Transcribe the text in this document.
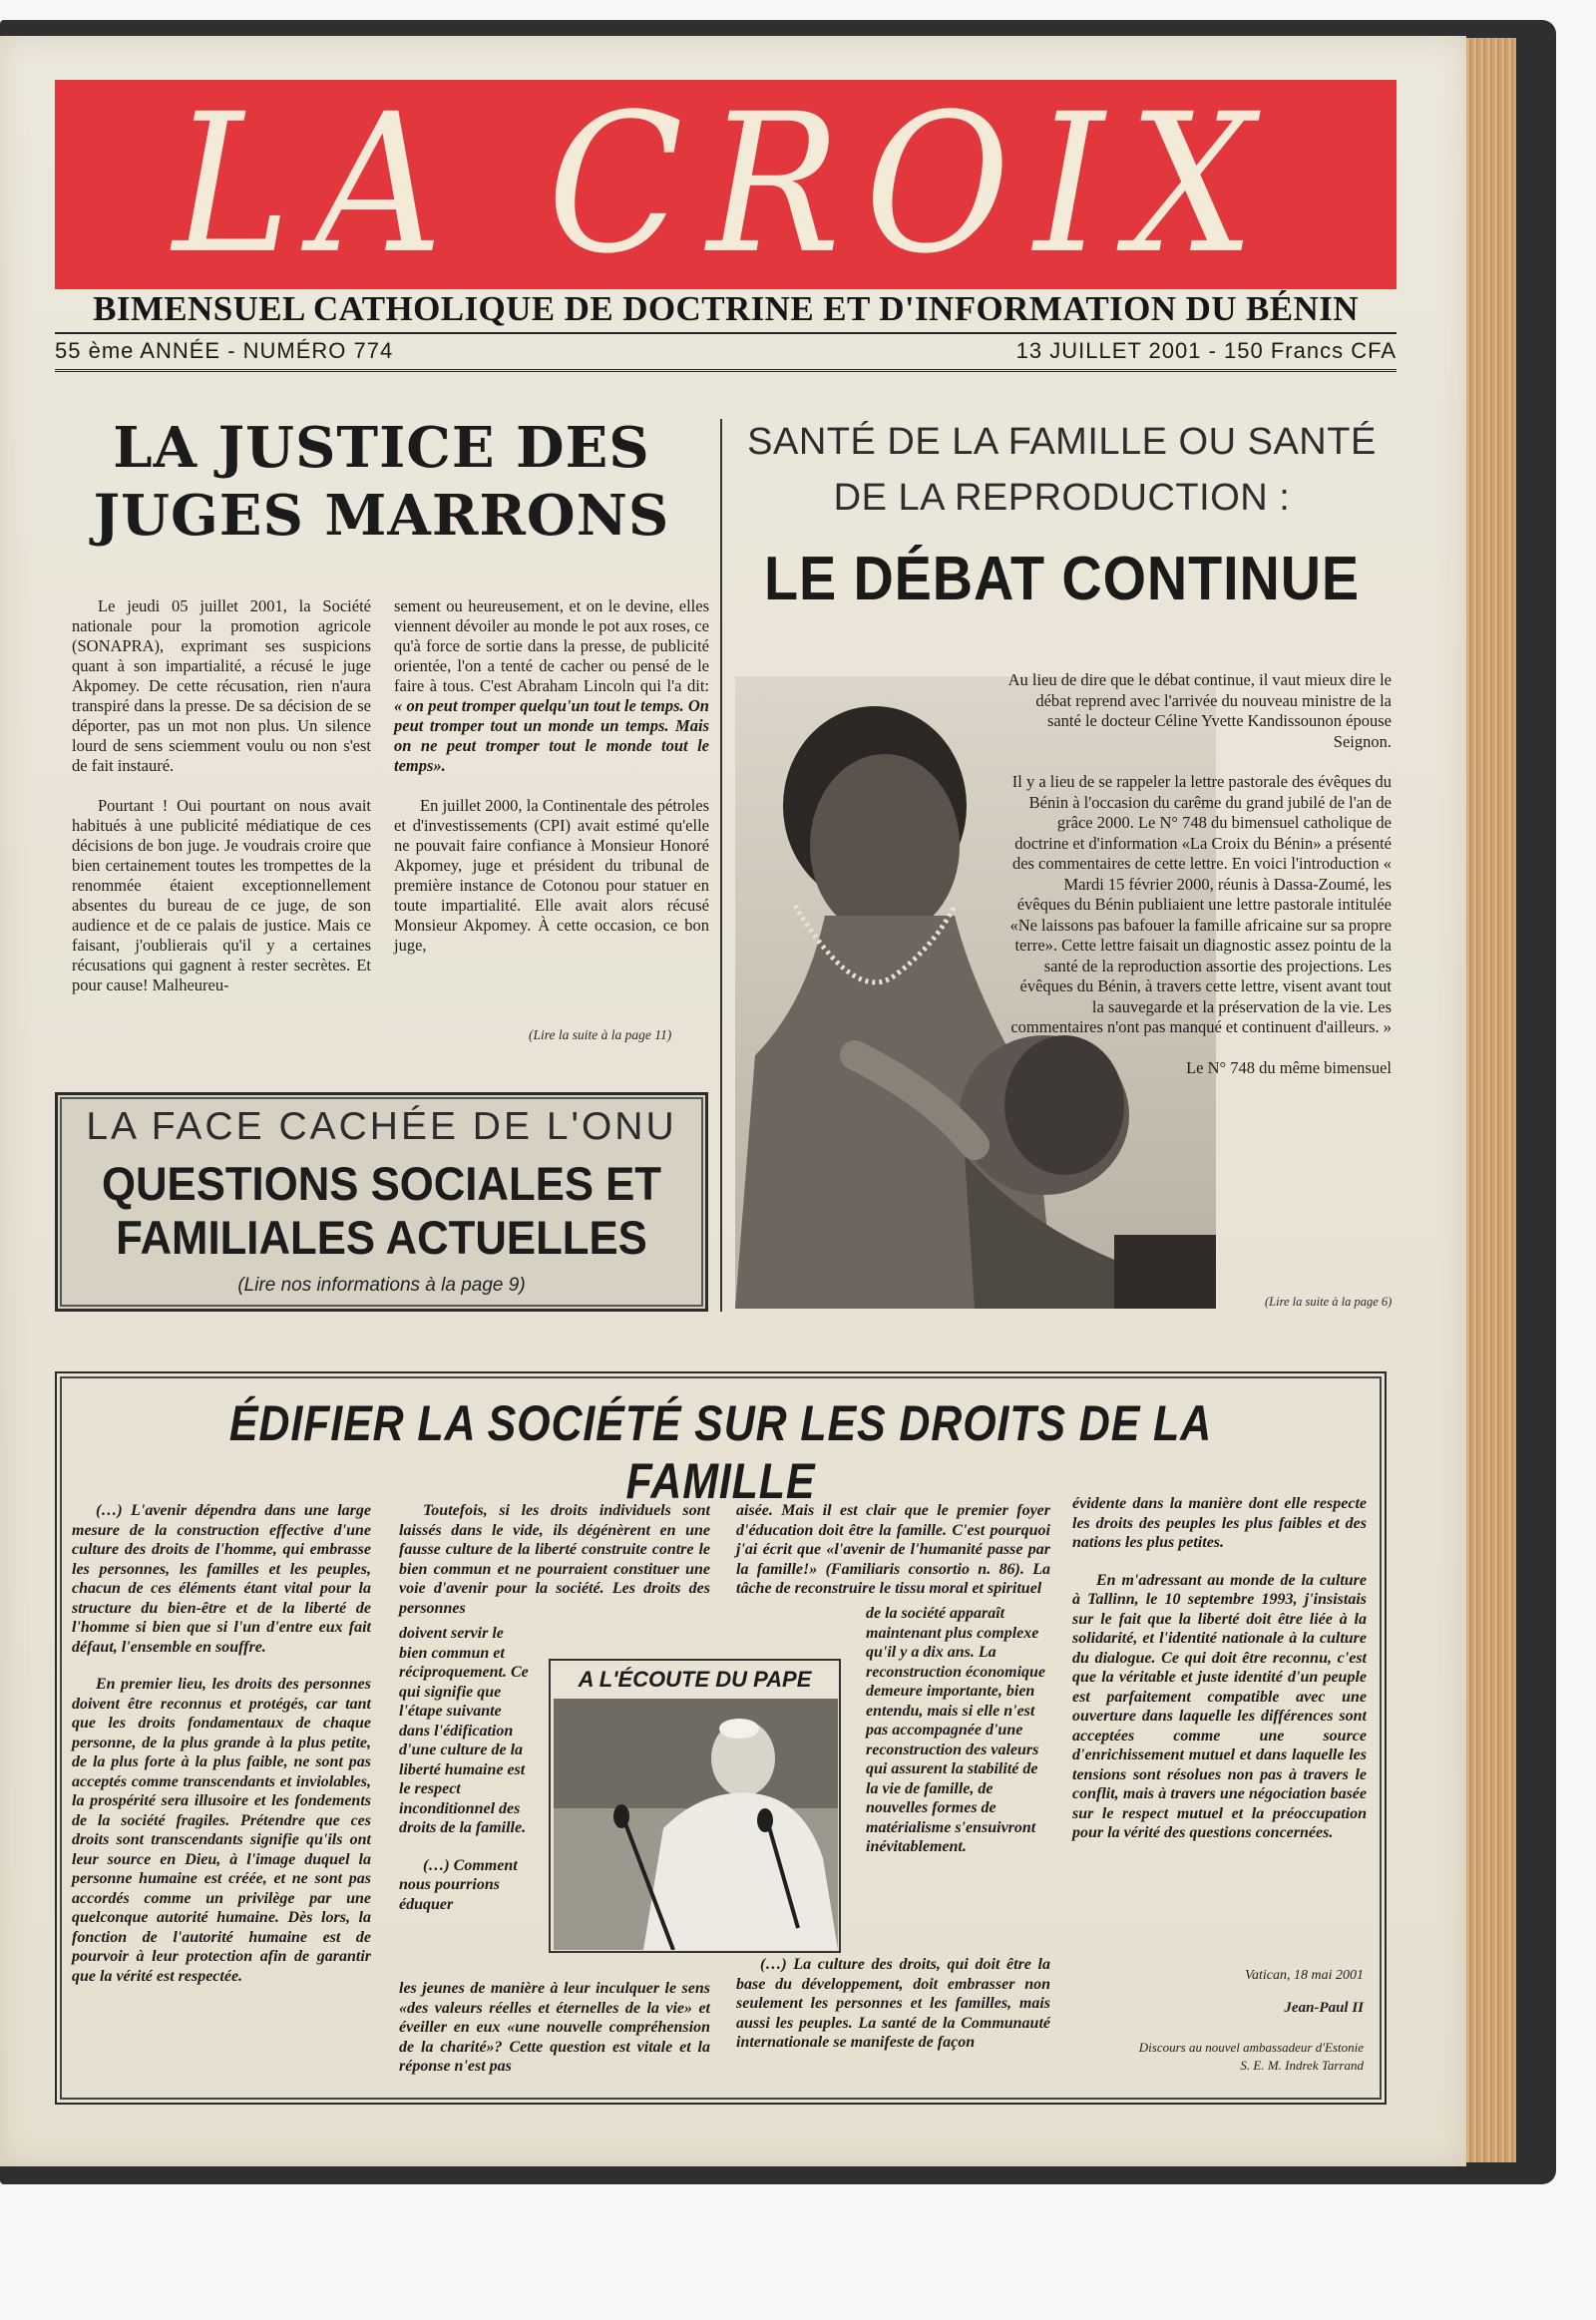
LA CROIX
BIMENSUEL CATHOLIQUE DE DOCTRINE ET D'INFORMATION DU BÉNIN
55 ème ANNÉE - NUMÉRO 774	13 JUILLET 2001 - 150 Francs CFA
LA JUSTICE DES JUGES MARRONS

Le jeudi 05 juillet 2001, la Société nationale pour la promotion agricole (SONAPRA), exprimant ses suspicions quant à son impartialité, a récusé le juge Akpomey. De cette récusation, rien n'aura transpiré dans la presse. De sa décision de se déporter, pas un mot non plus. Un silence lourd de sens sciemment voulu ou non s'est de fait instauré.

Pourtant ! Oui pourtant on nous avait habitués à une publicité médiatique de ces décisions de bon juge. Je voudrais croire que bien certainement toutes les trompettes de la renommée étaient exceptionnellement absentes du bureau de ce juge, de son audience et de ce palais de justice. Mais ce faisant, j'oublierais qu'il y a certaines récusations qui gagnent à rester secrètes. Et pour cause! Malheureu-

sement ou heureusement, et on le devine, elles viennent dévoiler au monde le pot aux roses, ce qu'à force de sortie dans la presse, de publicité orientée, l'on a tenté de cacher ou pensé de le faire à tous. C'est Abraham Lincoln qui l'a dit: « on peut tromper quelqu'un tout le temps. On peut tromper tout un monde un temps. Mais on ne peut tromper tout le monde tout le temps».

En juillet 2000, la Continentale des pétroles et d'investissements (CPI) avait estimé qu'elle ne pouvait faire confiance à Monsieur Honoré Akpomey, juge et président du tribunal de première instance de Cotonou pour statuer en toute impartialité. Elle avait alors récusé Monsieur Akpomey. À cette occasion, ce bon juge,

(Lire la suite à la page 11)
LA FACE CACHÉE DE L'ONU
QUESTIONS SOCIALES ET FAMILIALES ACTUELLES
(Lire nos informations à la page 9)
SANTÉ DE LA FAMILLE OU SANTÉ DE LA REPRODUCTION :
LE DÉBAT CONTINUE

Au lieu de dire que le débat continue, il vaut mieux dire le débat reprend avec l'arrivée du nouveau ministre de la santé le docteur Céline Yvette Kandissounon épouse Seignon.

Il y a lieu de se rappeler la lettre pastorale des évêques du Bénin à l'occasion du carême du grand jubilé de l'an de grâce 2000. Le N° 748 du bimensuel catholique de doctrine et d'information «La Croix du Bénin» a présenté des commentaires de cette lettre. En voici l'introduction « Mardi 15 février 2000, réunis à Dassa-Zoumé, les évêques du Bénin publiaient une lettre pastorale intitulée «Ne laissons pas bafouer la famille africaine sur sa propre terre». Cette lettre faisait un diagnostic assez pointu de la santé de la reproduction assortie des projections. Les évêques du Bénin, à travers cette lettre, visent avant tout la sauvegarde et la préservation de la vie. Les commentaires n'ont pas manqué et continuent d'ailleurs. »

Le N° 748 du même bimensuel

(Lire la suite à la page 6)
ÉDIFIER LA SOCIÉTÉ SUR LES DROITS DE LA FAMILLE

(…) L'avenir dépendra dans une large mesure de la construction effective d'une culture des droits de l'homme, qui embrasse les personnes, les familles et les peuples, chacun de ces éléments étant vital pour la structure du bien-être et de la liberté de l'homme si bien que si l'un d'entre eux fait défaut, l'ensemble en souffre.

En premier lieu, les droits des personnes doivent être reconnus et protégés, car tant que les droits fondamentaux de chaque personne, de la plus grande à la plus petite, de la plus forte à la plus faible, ne sont pas acceptés comme transcendants et inviolables, la prospérité sera illusoire et les fondements de la société fragiles. Prétendre que ces droits sont transcendants signifie qu'ils ont leur source en Dieu, à l'image duquel la personne humaine est créée, et ne sont pas accordés comme un privilège par une quelconque autorité humaine. Dès lors, la fonction de l'autorité humaine est de pourvoir à leur protection afin de garantir que la vérité est respectée.

Toutefois, si les droits individuels sont laissés dans le vide, ils dégénèrent en une fausse culture de la liberté construite contre le bien commun et ne pourraient constituer une voie d'avenir pour la société. Les droits des personnes

doivent servir le bien commun et réciproquement. Ce qui signifie que l'étape suivante dans l'édification d'une culture de la liberté humaine est le respect inconditionnel des droits de la famille.

(…) Comment nous pourrions éduquer

les jeunes de manière à leur inculquer le sens «des valeurs réelles et éternelles de la vie» et éveiller en eux «une nouvelle compréhension de la charité»? Cette question est vitale et la réponse n'est pas

aisée. Mais il est clair que le premier foyer d'éducation doit être la famille. C'est pourquoi j'ai écrit que «l'avenir de l'humanité passe par la famille!» (Familiaris consortio n. 86). La tâche de reconstruire le tissu moral et spirituel

de la société apparaît maintenant plus complexe qu'il y a dix ans. La reconstruction économique demeure importante, bien entendu, mais si elle n'est pas accompagnée d'une reconstruction des valeurs qui assurent la stabilité de la vie de famille, de nouvelles formes de matérialisme s'ensuivront inévitablement.

(…) La culture des droits, qui doit être la base du développement, doit embrasser non seulement les personnes et les familles, mais aussi les peuples. La santé de la Communauté internationale se manifeste de façon

A L'ÉCOUTE DU PAPE

évidente dans la manière dont elle respecte les droits des peuples les plus faibles et des nations les plus petites.

En m'adressant au monde de la culture à Tallinn, le 10 septembre 1993, j'insistais sur le fait que la liberté doit être liée à la solidarité, et l'identité nationale à la culture du dialogue. Ce qui doit être reconnu, c'est que la véritable et juste identité d'un peuple est parfaitement compatible avec une ouverture dans laquelle les différences sont acceptées comme une source d'enrichissement mutuel et dans laquelle les tensions sont résolues non pas à travers le conflit, mais à travers une négociation basée sur le respect mutuel et la préoccupation pour la vérité des questions concernées.

Vatican, 18 mai 2001
Jean-Paul II
Discours au nouvel ambassadeur d'Estonie
S. E. M. Indrek Tarrand
